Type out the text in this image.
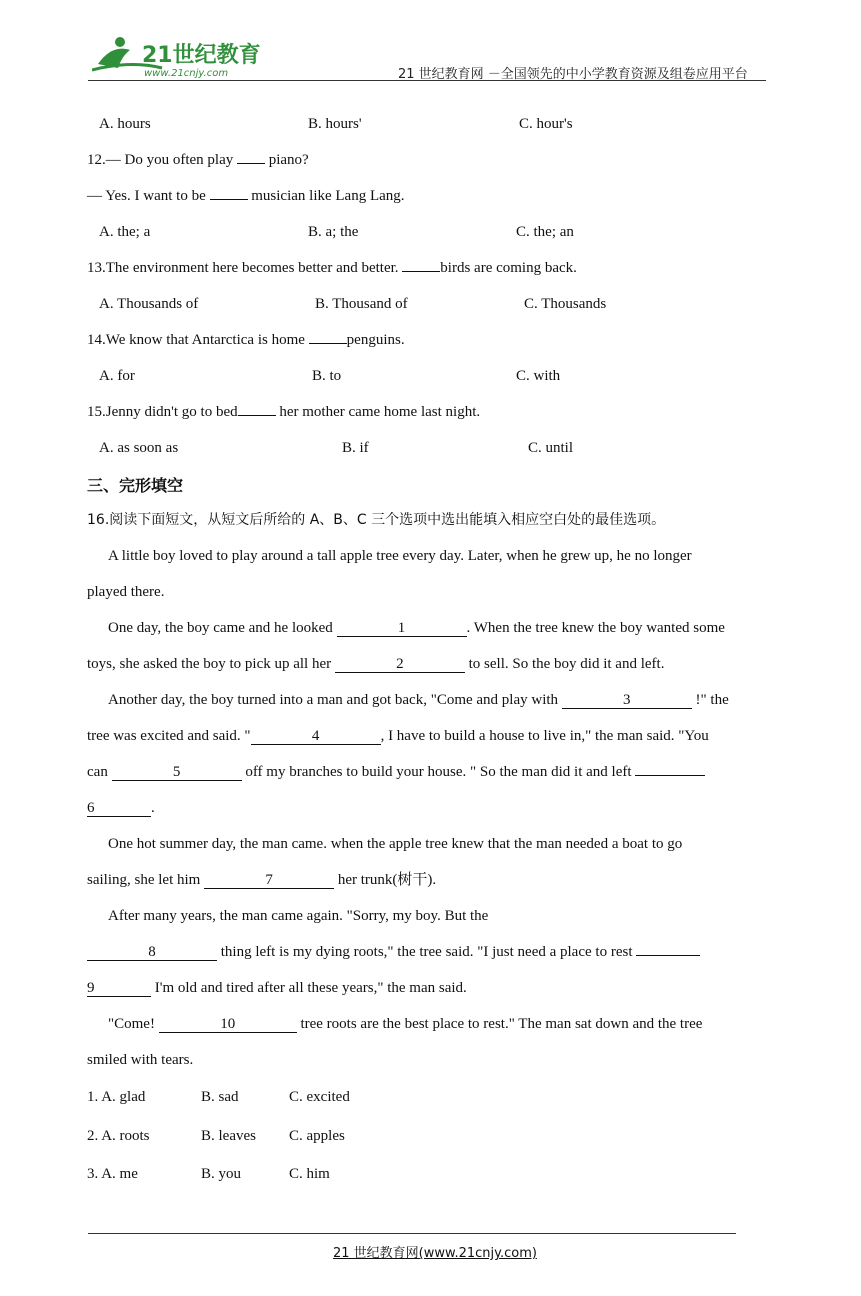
21世纪教育
www.21cnjy.com	21 世纪教育网 －全国领先的中小学教育资源及组卷应用平台
A. hours	B. hours'	C. hour's
12.— Do you often play  piano?
— Yes. I want to be	musician like Lang Lang.
A. the; a	B. a; the	C. the; an
13.The environment here becomes better and better.	birds are coming back.
A. Thousands of	B. Thousand of	C. Thousands
14.We know that Antarctica is home	penguins.
A. for	B. to	C. with
15.Jenny didn't go to bed	her mother came home last night.
A. as soon as	B. if	C. until
三、完形填空
16.阅读下面短文，从短文后所给的 A、B、C 三个选项中选出能填入相应空白处的最佳选项。
A little boy loved to play around a tall apple tree every day. Later, when he grew up, he no longer
played there.
One day, the boy came and he looked	1	. When the tree knew the boy wanted some
toys, she asked the boy to pick up all her	2	to sell. So the boy did it and left.
Another day, the boy turned into a man and got back, "Come and play with	3	!" the
tree was excited and said. "	4	, I have to build a house to live in," the man said. "You
can	5	off my branches to build your house. " So the man did it and left
6	.
One hot summer day, the man came. when the apple tree knew that the man needed a boat to go
sailing, she let him	7	her trunk(树干).
After many years, the man came again. "Sorry, my boy. But the
8	thing left is my dying roots," the tree said. "I just need a place to rest
9	I'm old and tired after all these years," the man said.
"Come!	10	tree roots are the best place to rest." The man sat down and the tree
smiled with tears.
1. A. glad	B. sad	C. excited
2. A. roots	B. leaves C. apples
3. A. me	B. you	C. him
21 世纪教育网(www.21cnjy.com)
